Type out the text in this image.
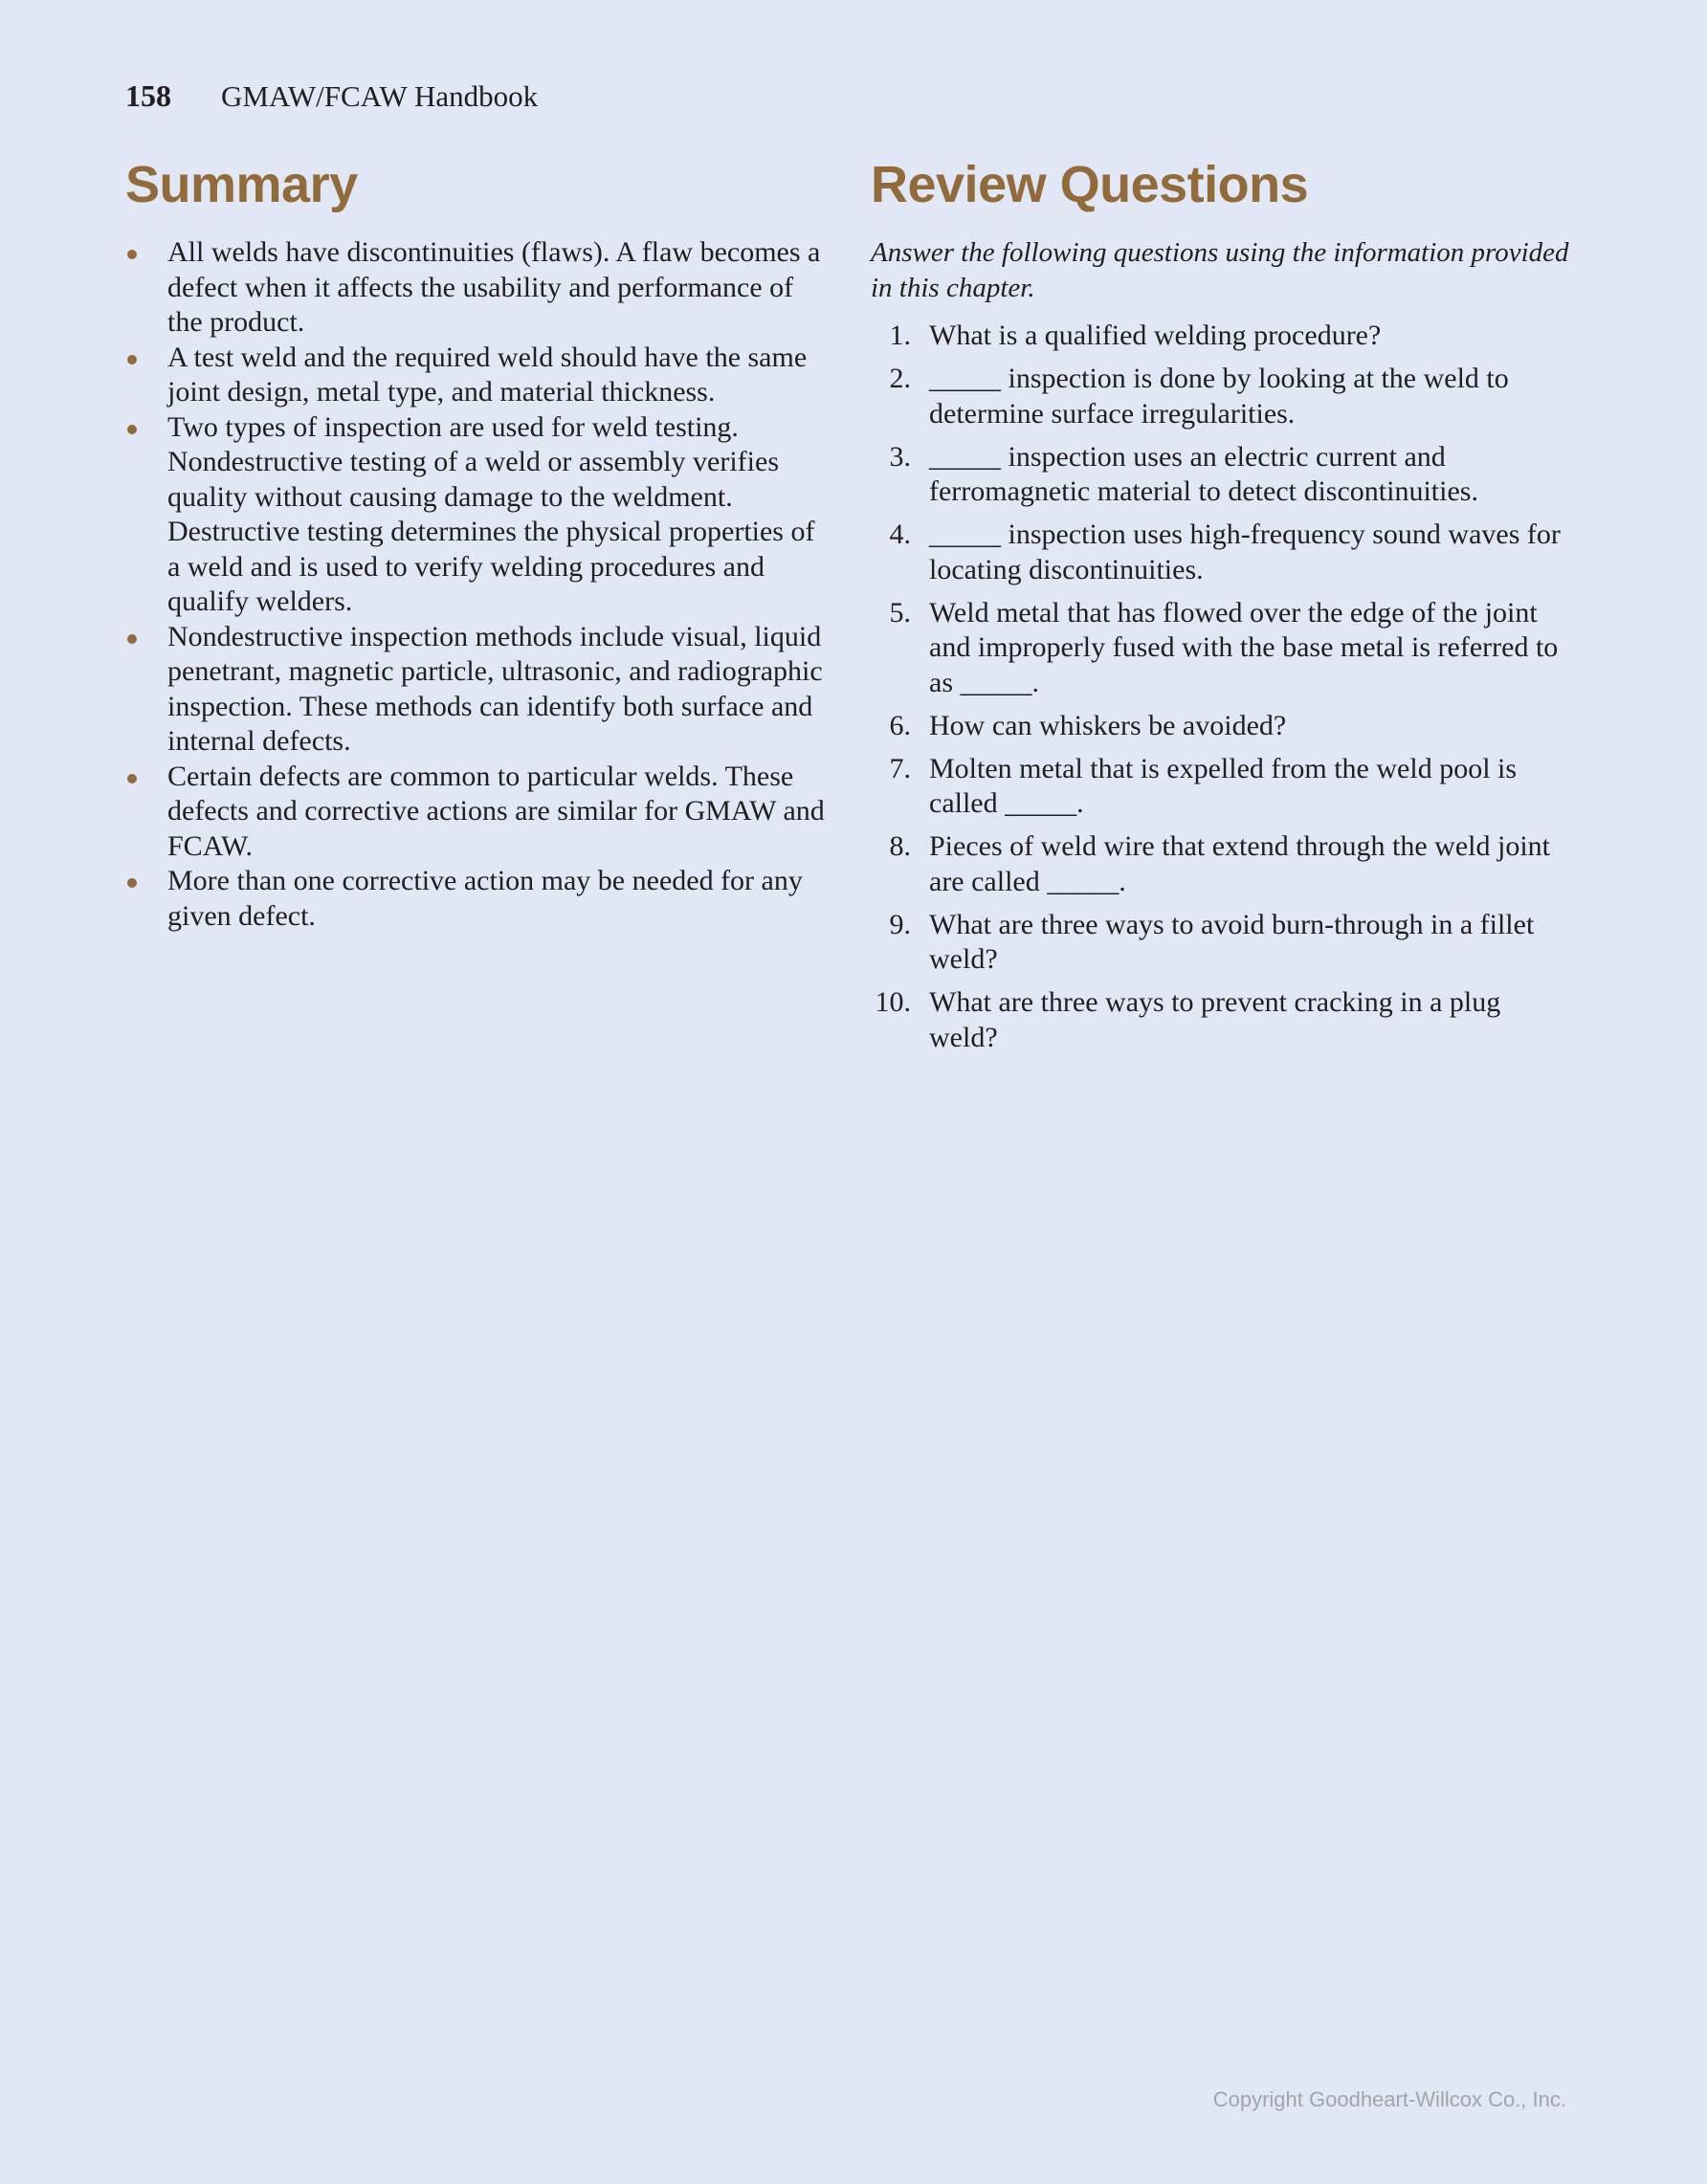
158 GMAW/FCAW Handbook
Summary
All welds have discontinuities (flaws). A flaw becomes a defect when it affects the usability and performance of the product.
A test weld and the required weld should have the same joint design, metal type, and material thickness.
Two types of inspection are used for weld testing. Nondestructive testing of a weld or assembly verifies quality without causing damage to the weldment. Destructive testing determines the physical properties of a weld and is used to verify welding procedures and qualify welders.
Nondestructive inspection methods include visual, liquid penetrant, magnetic particle, ultrasonic, and radiographic inspection. These methods can identify both surface and internal defects.
Certain defects are common to particular welds. These defects and corrective actions are similar for GMAW and FCAW.
More than one corrective action may be needed for any given defect.
Review Questions

Answer the following questions using the information provided in this chapter.

1. What is a qualified welding procedure?
2. _____ inspection is done by looking at the weld to determine surface irregularities.
3. _____ inspection uses an electric current and ferromagnetic material to detect discontinuities.
4. _____ inspection uses high-frequency sound waves for locating discontinuities.
5. Weld metal that has flowed over the edge of the joint and improperly fused with the base metal is referred to as _____.
6. How can whiskers be avoided?
7. Molten metal that is expelled from the weld pool is called _____.
8. Pieces of weld wire that extend through the weld joint are called _____.
9. What are three ways to avoid burn-through in a fillet weld?
10. What are three ways to prevent cracking in a plug weld?
Copyright Goodheart-Willcox Co., Inc.
